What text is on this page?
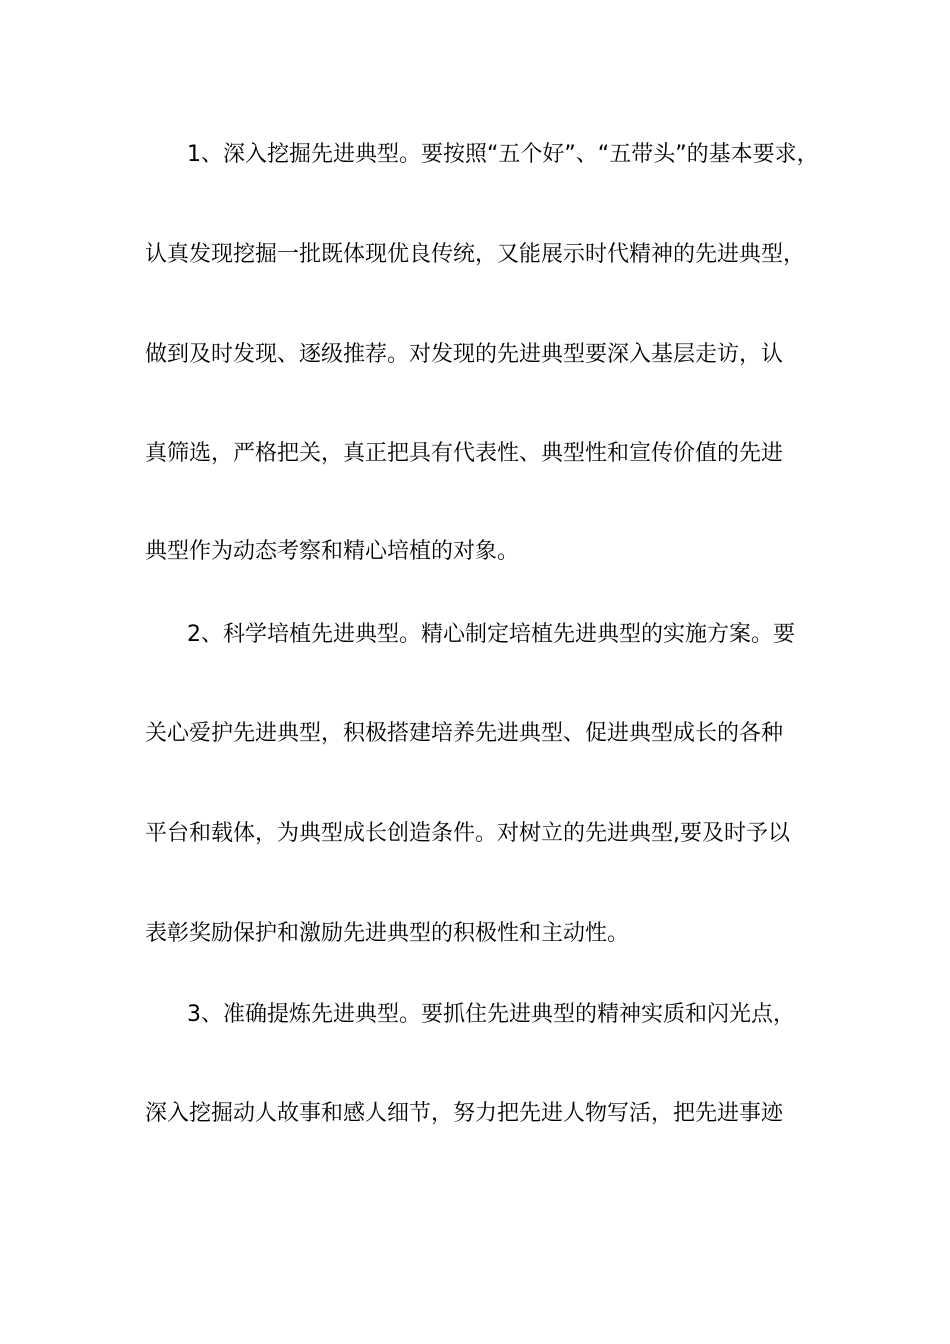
1、深入挖掘先进典型。要按照“五个好”、“五带头”的基本要求，
认真发现挖掘一批既体现优良传统，又能展示时代精神的先进典型，
做到及时发现、逐级推荐。对发现的先进典型要深入基层走访，认
真筛选，严格把关，真正把具有代表性、典型性和宣传价值的先进
典型作为动态考察和精心培植的对象。
2、科学培植先进典型。精心制定培植先进典型的实施方案。要
关心爱护先进典型，积极搭建培养先进典型、促进典型成长的各种
平台和载体，为典型成长创造条件。对树立的先进典型,要及时予以
表彰奖励保护和激励先进典型的积极性和主动性。
3、准确提炼先进典型。要抓住先进典型的精神实质和闪光点，
深入挖掘动人故事和感人细节，努力把先进人物写活，把先进事迹
